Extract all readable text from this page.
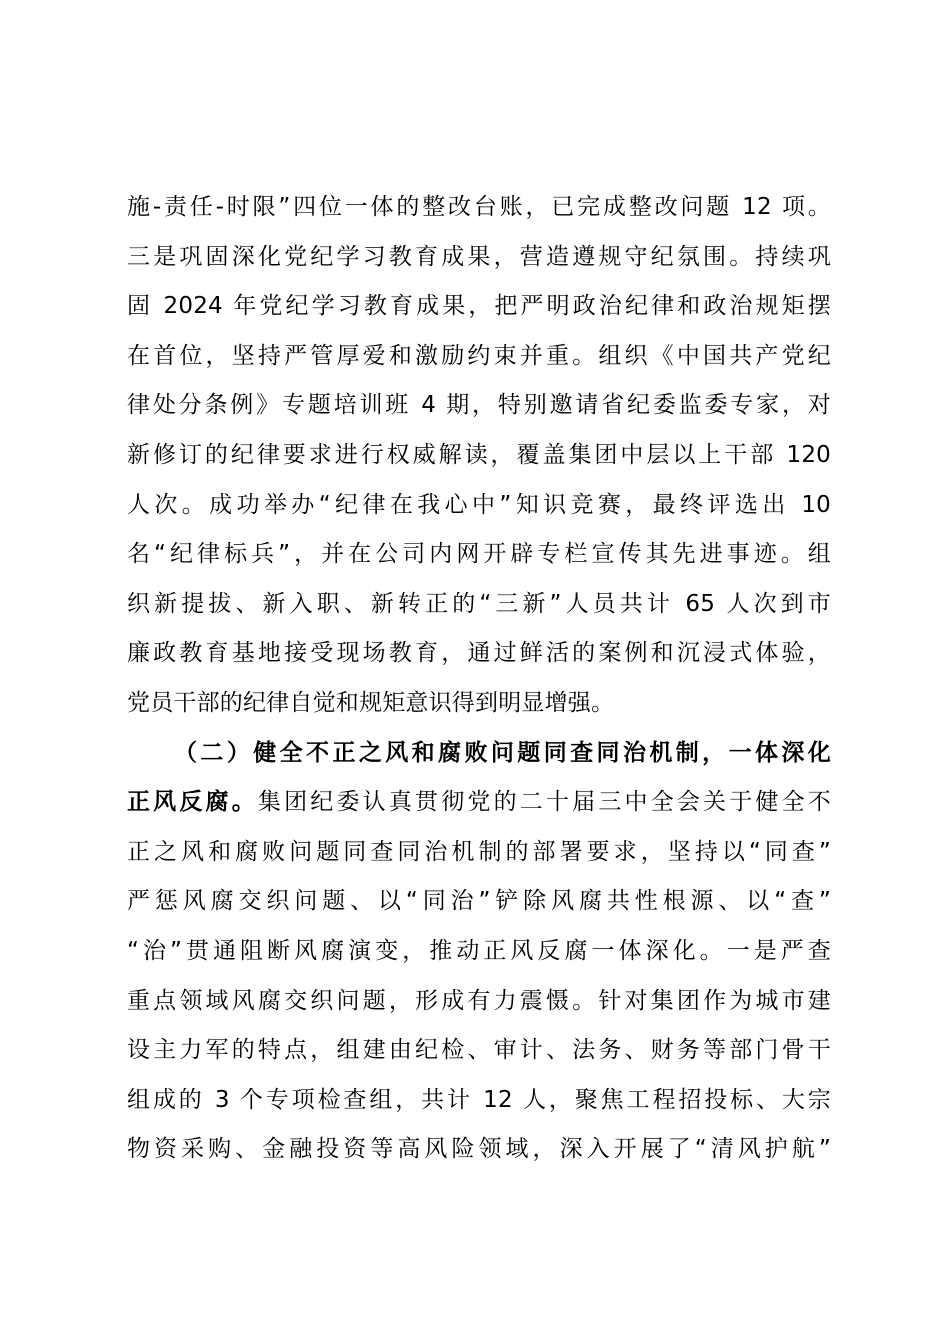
施-责任-时限”四位一体的整改台账，已完成整改问题 12 项。
三是巩固深化党纪学习教育成果，营造遵规守纪氛围。持续巩
固 2024 年党纪学习教育成果，把严明政治纪律和政治规矩摆
在首位，坚持严管厚爱和激励约束并重。组织《中国共产党纪
律处分条例》专题培训班 4 期，特别邀请省纪委监委专家，对
新修订的纪律要求进行权威解读，覆盖集团中层以上干部 120
人次。成功举办“纪律在我心中”知识竞赛，最终评选出 10
名“纪律标兵”，并在公司内网开辟专栏宣传其先进事迹。组
织新提拔、新入职、新转正的“三新”人员共计 65 人次到市
廉政教育基地接受现场教育，通过鲜活的案例和沉浸式体验，
党员干部的纪律自觉和规矩意识得到明显增强。
（二）健全不正之风和腐败问题同查同治机制，一体深化
正风反腐。集团纪委认真贯彻党的二十届三中全会关于健全不
正之风和腐败问题同查同治机制的部署要求，坚持以“同查”
严惩风腐交织问题、以“同治”铲除风腐共性根源、以“查”
“治”贯通阻断风腐演变，推动正风反腐一体深化。一是严查
重点领域风腐交织问题，形成有力震慑。针对集团作为城市建
设主力军的特点，组建由纪检、审计、法务、财务等部门骨干
组成的 3 个专项检查组，共计 12 人，聚焦工程招投标、大宗
物资采购、金融投资等高风险领域，深入开展了“清风护航”
